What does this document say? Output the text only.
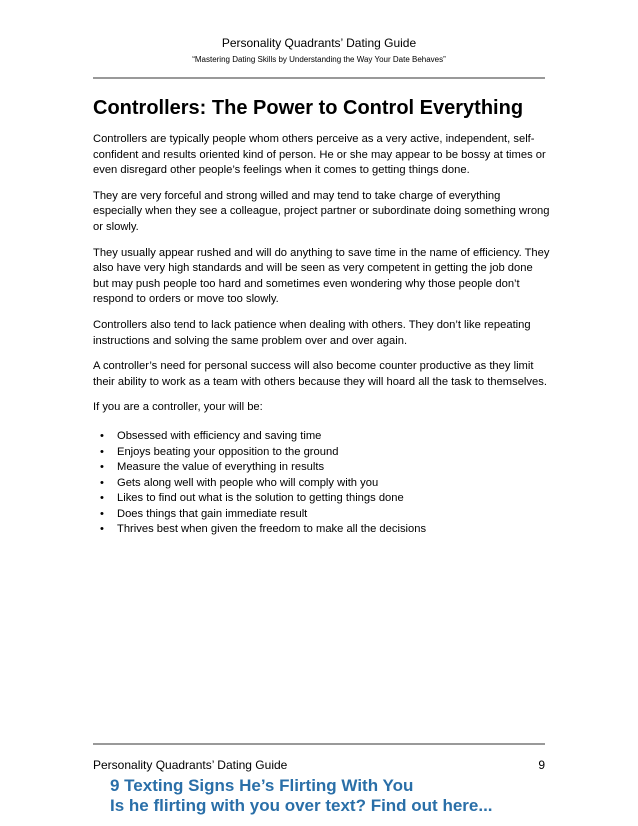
Personality Quadrants’ Dating Guide
“Mastering Dating Skills by Understanding the Way Your Date Behaves”
Controllers: The Power to Control Everything

Controllers are typically people whom others perceive as a very active, independent, self-confident and results oriented kind of person. He or she may appear to be bossy at times or even disregard other people’s feelings when it comes to getting things done.

They are very forceful and strong willed and may tend to take charge of everything especially when they see a colleague, project partner or subordinate doing something wrong or slowly.

They usually appear rushed and will do anything to save time in the name of efficiency. They also have very high standards and will be seen as very competent in getting the job done but may push people too hard and sometimes even wondering why those people don’t respond to orders or move too slowly.

Controllers also tend to lack patience when dealing with others. They don’t like repeating instructions and solving the same problem over and over again.

A controller’s need for personal success will also become counter productive as they limit their ability to work as a team with others because they will hoard all the task to themselves.

If you are a controller, your will be:

• Obsessed with efficiency and saving time
• Enjoys beating your opposition to the ground
• Measure the value of everything in results
• Gets along well with people who will comply with you
• Likes to find out what is the solution to getting things done
• Does things that gain immediate result
• Thrives best when given the freedom to make all the decisions
Personality Quadrants’ Dating Guide	9
9 Texting Signs He’s Flirting With You
Is he flirting with you over text? Find out here...
